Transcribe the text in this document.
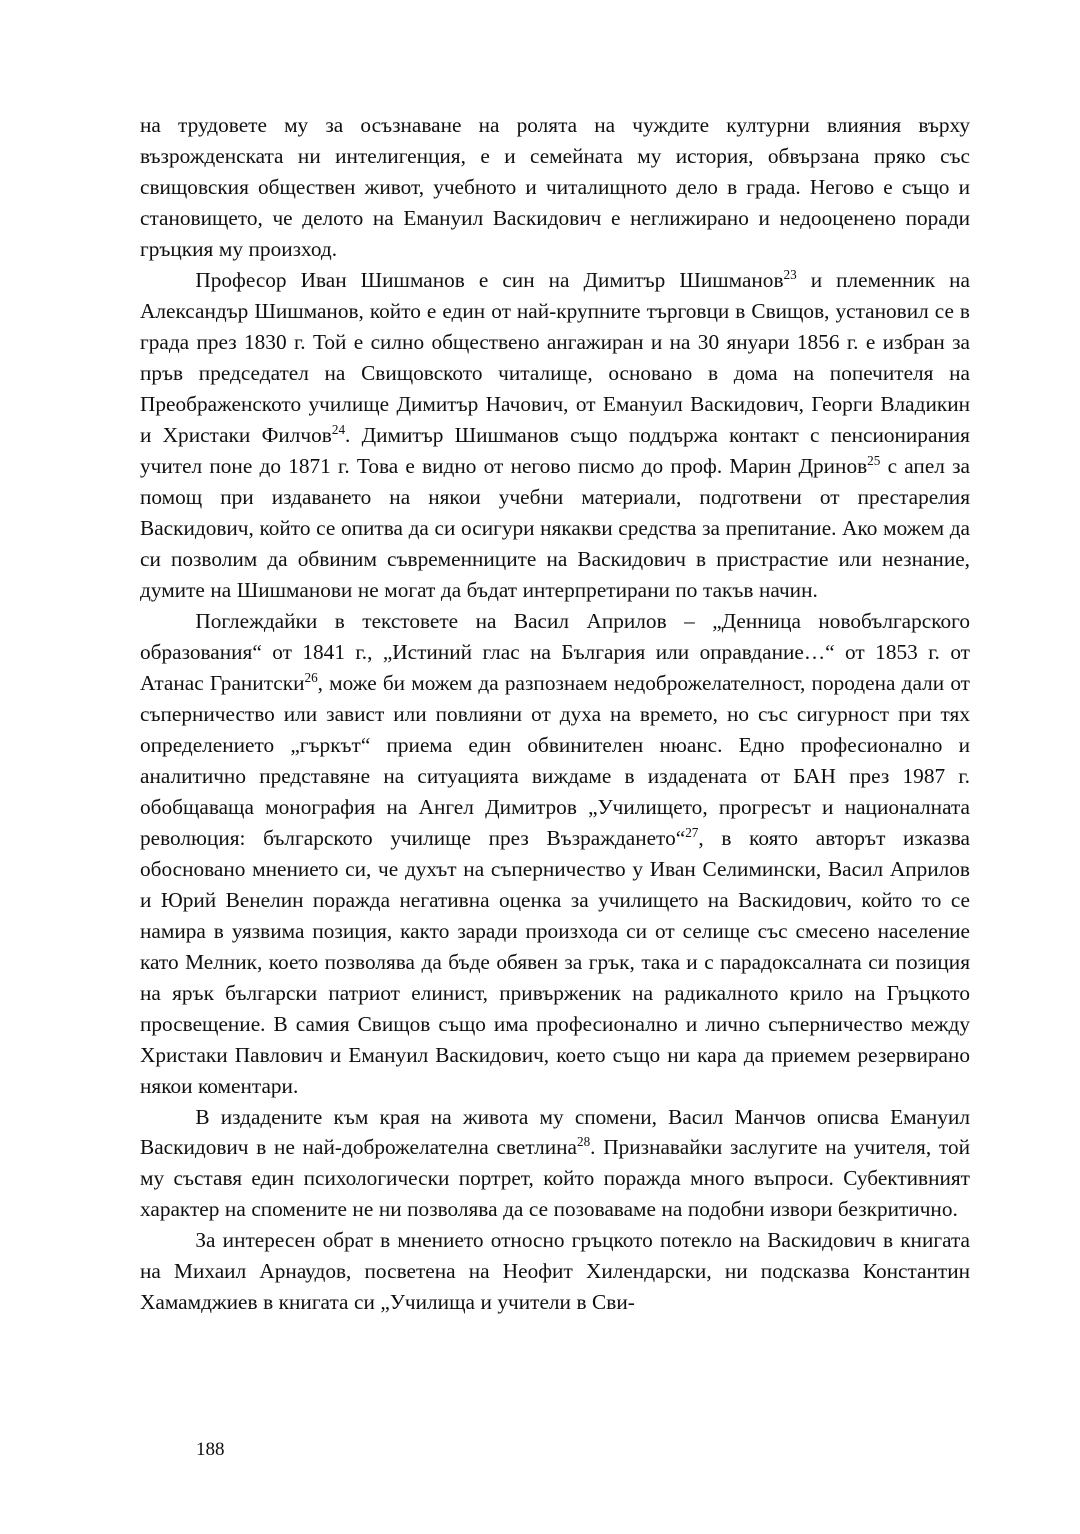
на трудовете му за осъзнаване на ролята на чуждите културни влияния върху възрожденската ни интелигенция, е и семейната му история, обвързана пряко със свищовския обществен живот, учебното и читалищното дело в града. Негово е също и становището, че делото на Емануил Васкидович е неглижирано и недооценено поради гръцкия му произход.

Професор Иван Шишманов е син на Димитър Шишманов$^{23}$ и племенник на Александър Шишманов, който е един от най-крупните търговци в Свищов, установил се в града през 1830 г. Той е силно обществено ангажиран и на 30 януари 1856 г. е избран за пръв председател на Свищовското читалище, основано в дома на попечителя на Преображенското училище Димитър Начович, от Емануил Васкидович, Георги Владикин и Христаки Филчов$^{24}$. Димитър Шишманов също поддържа контакт с пенсионирания учител поне до 1871 г. Това е видно от негово писмо до проф. Марин Дринов$^{25}$ с апел за помощ при издаването на някои учебни материали, подготвени от престарелия Васкидович, който се опитва да си осигури някакви средства за препитание. Ако можем да си позволим да обвиним съвременниците на Васкидович в пристрастие или незнание, думите на Шишманови не могат да бъдат интерпретирани по такъв начин.

Поглеждайки в текстовете на Васил Априлов – „Денница новобългарского образования“ от 1841 г., „Истиний глас на България или оправдание…“ от 1853 г. от Атанас Гранитски$^{26}$, може би можем да разпознаем недоброжелателност, породена дали от съперничество или завист или повлияни от духа на времето, но със сигурност при тях определението „гъркът“ приема един обвинителен нюанс. Едно професионално и аналитично представяне на ситуацията виждаме в издадената от БАН през 1987 г. обобщаваща монография на Ангел Димитров „Училището, прогресът и националната революция: българското училище през Възраждането“$^{27}$, в която авторът изказва обосновано мнението си, че духът на съперничество у Иван Селимински, Васил Априлов и Юрий Венелин поражда негативна оценка за училището на Васкидович, който то се намира в уязвима позиция, както заради произхода си от селище със смесено население като Мелник, което позволява да бъде обявен за грък, така и с парадоксалната си позиция на ярък български патриот елинист, привърженик на радикалното крило на Гръцкото просвещение. В самия Свищов също има професионално и лично съперничество между Христаки Павлович и Емануил Васкидович, което също ни кара да приемем резервирано някои коментари.

В издадените към края на живота му спомени, Васил Манчов описва Емануил Васкидович в не най-доброжелателна светлина$^{28}$. Признавайки заслугите на учителя, той му съставя един психологически портрет, който поражда много въпроси. Субективният характер на спомените не ни позволява да се позоваваме на подобни извори безкритично.

За интересен обрат в мнението относно гръцкото потекло на Васкидович в книгата на Михаил Арнаудов, посветена на Неофит Хилендарски, ни подсказва Константин Хамамджиев в книгата си „Училища и учители в Сви-

188
